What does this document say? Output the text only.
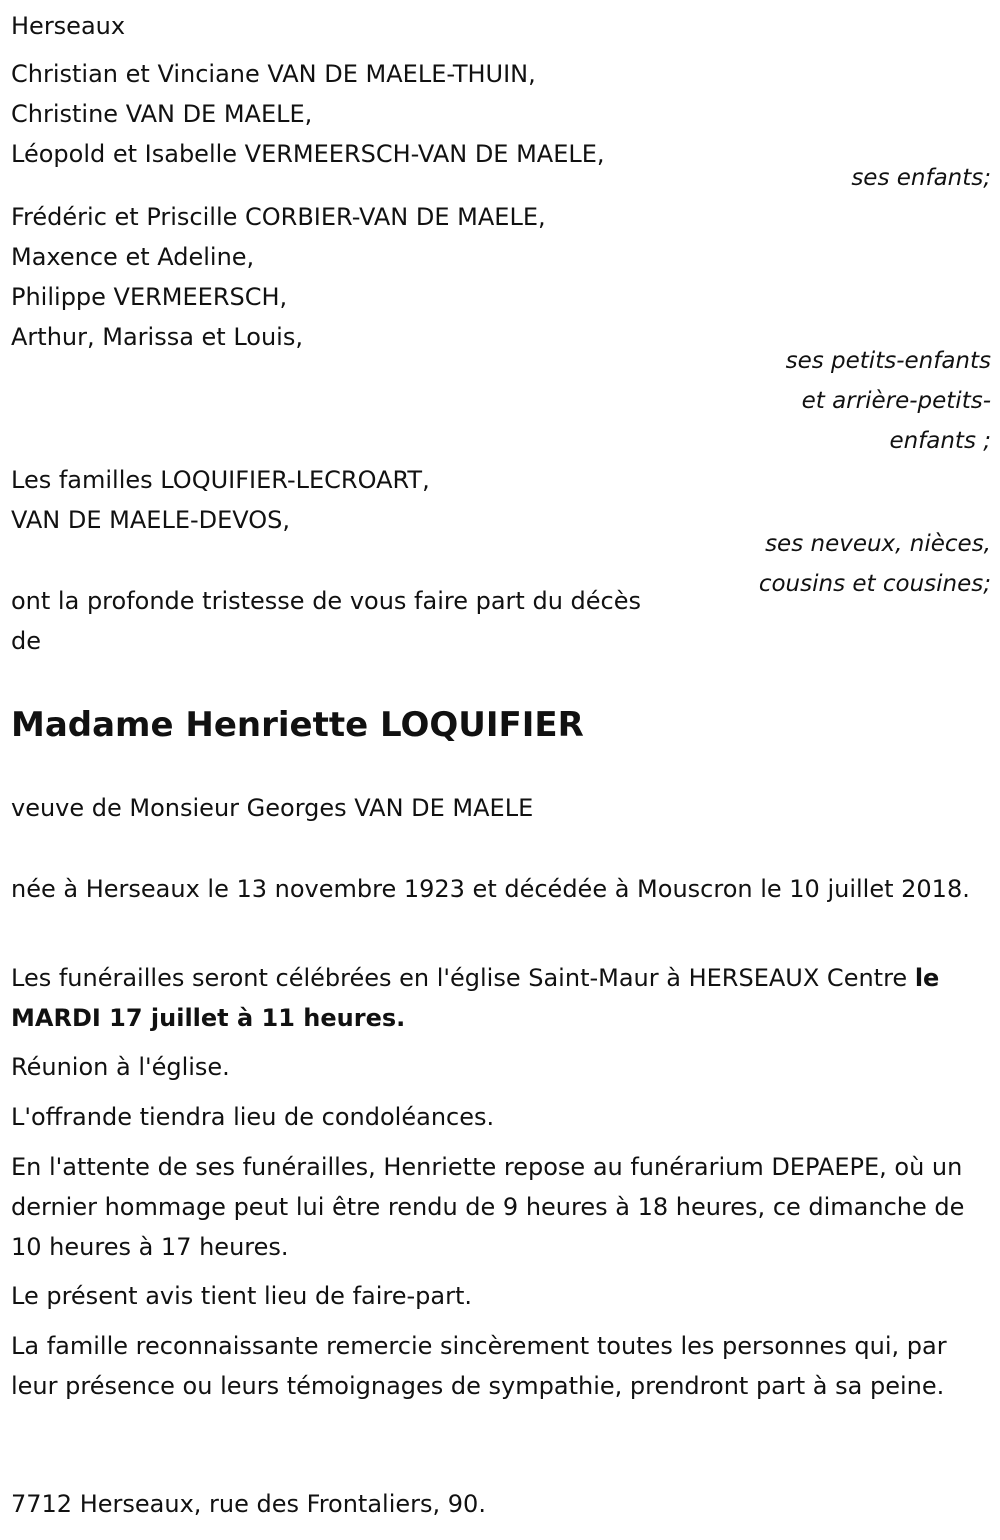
Herseaux
Christian et Vinciane VAN DE MAELE-THUIN,
Christine VAN DE MAELE,
Léopold et Isabelle VERMEERSCH-VAN DE MAELE,
ses enfants;
Frédéric et Priscille CORBIER-VAN DE MAELE,
Maxence et Adeline,
Philippe VERMEERSCH,
Arthur, Marissa et Louis,
ses petits-enfants
et arrière-petits-
enfants ;
Les familles LOQUIFIER-LECROART,
VAN DE MAELE-DEVOS,
ses neveux, nièces,
cousins et cousines;
ont la profonde tristesse de vous faire part du décès
de
Madame Henriette LOQUIFIER
veuve de Monsieur Georges VAN DE MAELE
née à Herseaux le 13 novembre 1923 et décédée à Mouscron le 10 juillet 2018.
Les funérailles seront célébrées en l'église Saint-Maur à HERSEAUX Centre le MARDI 17 juillet à 11 heures.
Réunion à l'église.
L'offrande tiendra lieu de condoléances.
En l'attente de ses funérailles, Henriette repose au funérarium DEPAEPE, où un dernier hommage peut lui être rendu de 9 heures à 18 heures, ce dimanche de 10 heures à 17 heures.
Le présent avis tient lieu de faire-part.
La famille reconnaissante remercie sincèrement toutes les personnes qui, par leur présence ou leurs témoignages de sympathie, prendront part à sa peine.
7712 Herseaux, rue des Frontaliers, 90.
